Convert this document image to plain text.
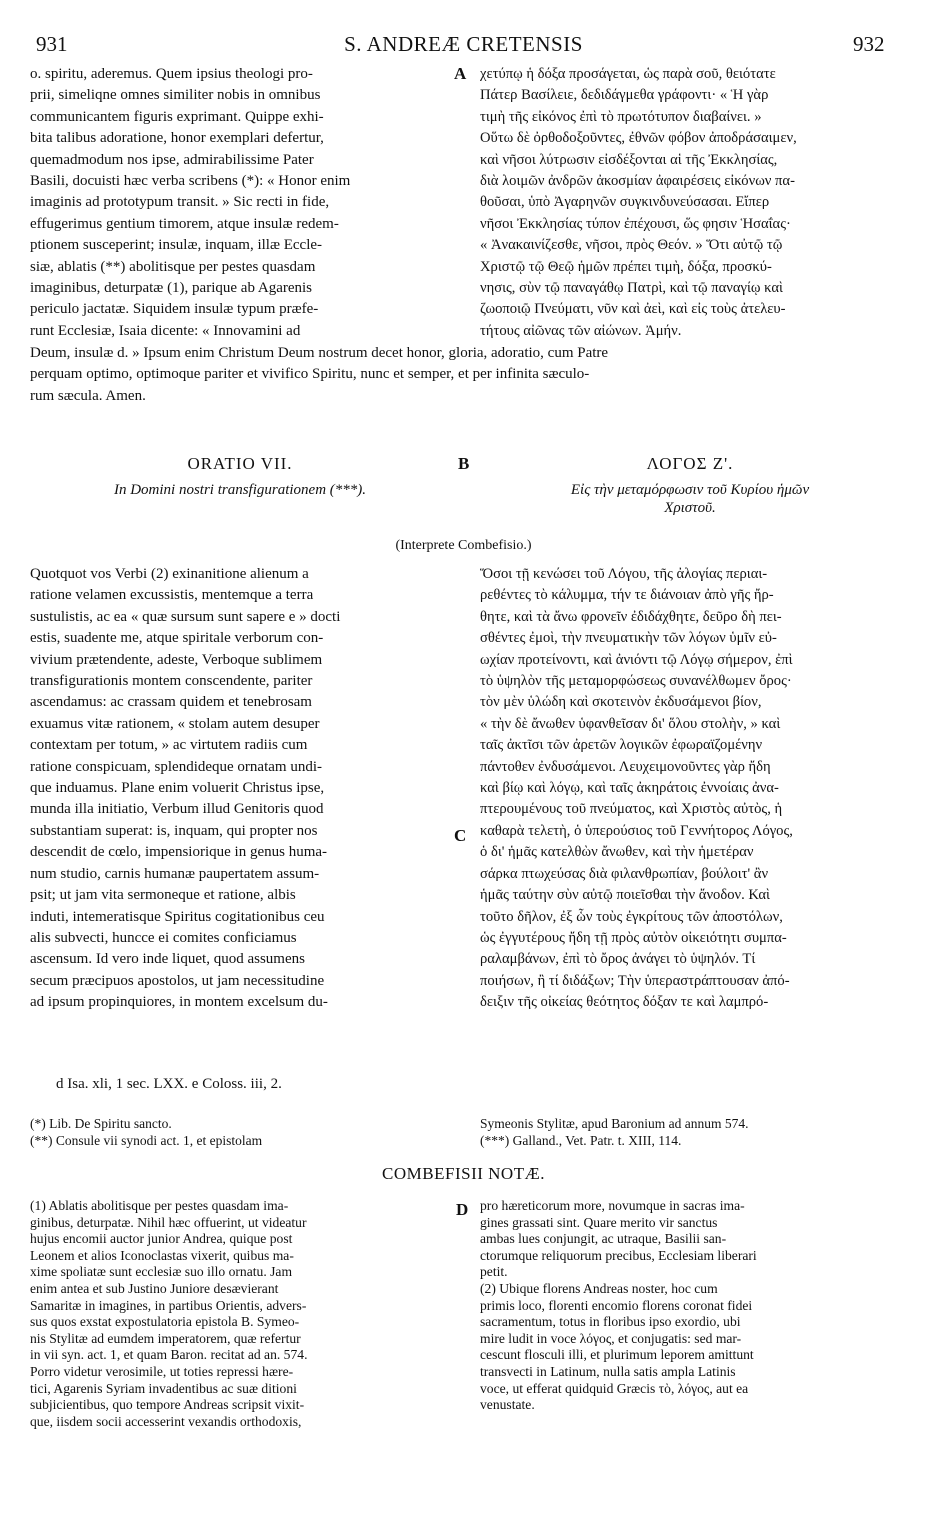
931	S. ANDREÆ CRETENSIS	932
A
B
C
D
o. spiritu, aderemus. Quem ipsius theologi pro-
prii, simeliqne omnes similiter nobis in omnibus
communicantem figuris exprimant. Quippe exhi-
bita talibus adoratione, honor exemplari defertur,
quemadmodum nos ipse, admirabilissime Pater
Basili, docuisti hæc verba scribens (*): « Honor enim
imaginis ad prototypum transit. » Sic recti in fide,
effugerimus gentium timorem, atque insulæ redem-
ptionem susceperint; insulæ, inquam, illæ Eccle-
siæ, ablatis (**) abolitisque per pestes quasdam
imaginibus, deturpatæ (1), parique ab Agarenis
periculo jactatæ. Siquidem insulæ typum præfe-
runt Ecclesiæ, Isaia dicente: « Innovamini ad
χετύπῳ ἡ δόξα προσάγεται, ὡς παρὰ σοῦ, θειότατε
Πάτερ Βασίλειε, δεδιδάγμεθα γράφοντι· « Ἡ γὰρ
τιμὴ τῆς εἰκόνος ἐπὶ τὸ πρωτότυπον διαβαίνει. »
Οὕτω δὲ ὀρθοδοξοῦντες, ἐθνῶν φόβον ἀποδράσαιμεν,
καὶ νῆσοι λύτρωσιν εἰσδέξονται αἱ τῆς Ἐκκλησίας,
διὰ λοιμῶν ἀνδρῶν ἀκοσμίαν ἀφαιρέσεις εἰκόνων πα-
θοῦσαι, ὑπὸ Ἀγαρηνῶν συγκινδυνεύσασαι. Εἴπερ
νῆσοι Ἐκκλησίας τύπον ἐπέχουσι, ὥς φησιν Ἡσαΐας·
« Ἀνακαινίζεσθε, νῆσοι, πρὸς Θεόν. » Ὅτι αὐτῷ τῷ
Χριστῷ τῷ Θεῷ ἡμῶν πρέπει τιμὴ, δόξα, προσκύ-
νησις, σὺν τῷ παναγάθῳ Πατρὶ, καὶ τῷ παναγίῳ καὶ
ζωοποιῷ Πνεύματι, νῦν καὶ ἀεὶ, καὶ εἰς τοὺς ἀτελευ-
τήτους αἰῶνας τῶν αἰώνων. Ἀμήν.
Deum, insulæ d. » Ipsum enim Christum Deum nostrum decet honor, gloria, adoratio, cum Patre
perquam optimo, optimoque pariter et vivifico Spiritu, nunc et semper, et per infinita sæculo-
rum sæcula. Amen.
ORATIO VII.
In Domini nostri transfigurationem (***).
ΛΟΓΟΣ Ζ'.
Εἰς τὴν μεταμόρφωσιν τοῦ Κυρίου ἡμῶν
Χριστοῦ.
(Interprete Combefisio.)
Quotquot vos Verbi (2) exinanitione alienum a
ratione velamen excussistis, mentemque a terra
sustulistis, ac ea « quæ sursum sunt sapere e » docti
estis, suadente me, atque spiritale verborum con-
vivium prætendente, adeste, Verboque sublimem
transfigurationis montem conscendente, pariter
ascendamus: ac crassam quidem et tenebrosam
exuamus vitæ rationem, « stolam autem desuper
contextam per totum, » ac virtutem radiis cum
ratione conspicuam, splendideque ornatam undi-
que induamus. Plane enim voluerit Christus ipse,
munda illa initiatio, Verbum illud Genitoris quod
substantiam superat: is, inquam, qui propter nos
descendit de cœlo, impensiorique in genus huma-
num studio, carnis humanæ paupertatem assum-
psit; ut jam vita sermoneque et ratione, albis
induti, intemeratisque Spiritus cogitationibus ceu
alis subvecti, huncce ei comites conficiamus
ascensum. Id vero inde liquet, quod assumens
secum præcipuos apostolos, ut jam necessitudine
ad ipsum propinquiores, in montem excelsum du-
Ὅσοι τῇ κενώσει τοῦ Λόγου, τῆς ἀλογίας περιαι-
ρεθέντες τὸ κάλυμμα, τήν τε διάνοιαν ἀπὸ γῆς ἤρ-
θητε, καὶ τὰ ἄνω φρονεῖν ἐδιδάχθητε, δεῦρο δὴ πει-
σθέντες ἐμοὶ, τὴν πνευματικὴν τῶν λόγων ὑμῖν εὐ-
ωχίαν προτείνοντι, καὶ ἀνιόντι τῷ Λόγῳ σήμερον, ἐπὶ
τὸ ὑψηλὸν τῆς μεταμορφώσεως συνανέλθωμεν ὄρος·
τὸν μὲν ὑλώδη καὶ σκοτεινὸν ἐκδυσάμενοι βίον,
« τὴν δὲ ἄνωθεν ὑφανθεῖσαν δι' ὅλου στολὴν, » καὶ
ταῖς ἀκτῖσι τῶν ἀρετῶν λογικῶν ἐφωραϊζομένην
πάντοθεν ἐνδυσάμενοι. Λευχειμονοῦντες γὰρ ἤδη
καὶ βίῳ καὶ λόγῳ, καὶ ταῖς ἀκηράτοις ἐννοίαις ἀνα-
πτερουμένους τοῦ πνεύματος, καὶ Χριστὸς αὐτὸς, ἡ
καθαρὰ τελετὴ, ὁ ὑπερούσιος τοῦ Γεννήτορος Λόγος,
ὁ δι' ἡμᾶς κατελθὼν ἄνωθεν, καὶ τὴν ἡμετέραν
σάρκα πτωχεύσας διὰ φιλανθρωπίαν, βούλοιτ' ἂν
ἡμᾶς ταύτην σὺν αὐτῷ ποιεῖσθαι τὴν ἄνοδον. Καὶ
τοῦτο δῆλον, ἐξ ὧν τοὺς ἐγκρίτους τῶν ἀποστόλων,
ὡς ἐγγυτέρους ἤδη τῇ πρὸς αὐτὸν οἰκειότητι συμπα-
ραλαμβάνων, ἐπὶ τὸ ὄρος ἀνάγει τὸ ὑψηλόν. Τί
ποιήσων, ἢ τί διδάξων; Τὴν ὑπεραστράπτουσαν ἀπό-
δειξιν τῆς οἰκείας θεότητος δόξαν τε καὶ λαμπρό-
d Isa. xli, 1 sec. LXX. e Coloss. iii, 2.
(*) Lib. De Spiritu sancto.
(**) Consule vii synodi act. 1, et epistolam
Symeonis Stylitæ, apud Baronium ad annum 574.
(***) Galland., Vet. Patr. t. XIII, 114.
COMBEFISII NOTÆ.
(1) Ablatis abolitisque per pestes quasdam ima-
ginibus, deturpatæ. Nihil hæc offuerint, ut videatur
hujus encomii auctor junior Andrea, quique post
Leonem et alios Iconoclastas vixerit, quibus ma-
xime spoliatæ sunt ecclesiæ suo illo ornatu. Jam
enim antea et sub Justino Juniore desævierant
Samaritæ in imagines, in partibus Orientis, advers-
sus quos exstat expostulatoria epistola B. Symeo-
nis Stylitæ ad eumdem imperatorem, quæ refertur
in vii syn. act. 1, et quam Baron. recitat ad an. 574.
Porro videtur verosimile, ut toties repressi hære-
tici, Agarenis Syriam invadentibus ac suæ ditioni
subjicientibus, quo tempore Andreas scripsit vixit-
que, iisdem socii accesserint vexandis orthodoxis,
pro hæreticorum more, novumque in sacras ima-
gines grassati sint. Quare merito vir sanctus
ambas lues conjungit, ac utraque, Basilii san-
ctorumque reliquorum precibus, Ecclesiam liberari
petit.
(2) Ubique florens Andreas noster, hoc cum
primis loco, florenti encomio florens coronat fidei
sacramentum, totus in floribus ipso exordio, ubi
mire ludit in voce λόγος, et conjugatis: sed mar-
cescunt flosculi illi, et plurimum leporem amittunt
transvecti in Latinum, nulla satis ampla Latinis
voce, ut efferat quidquid Græcis τὸ, λόγος, aut ea
venustate.
